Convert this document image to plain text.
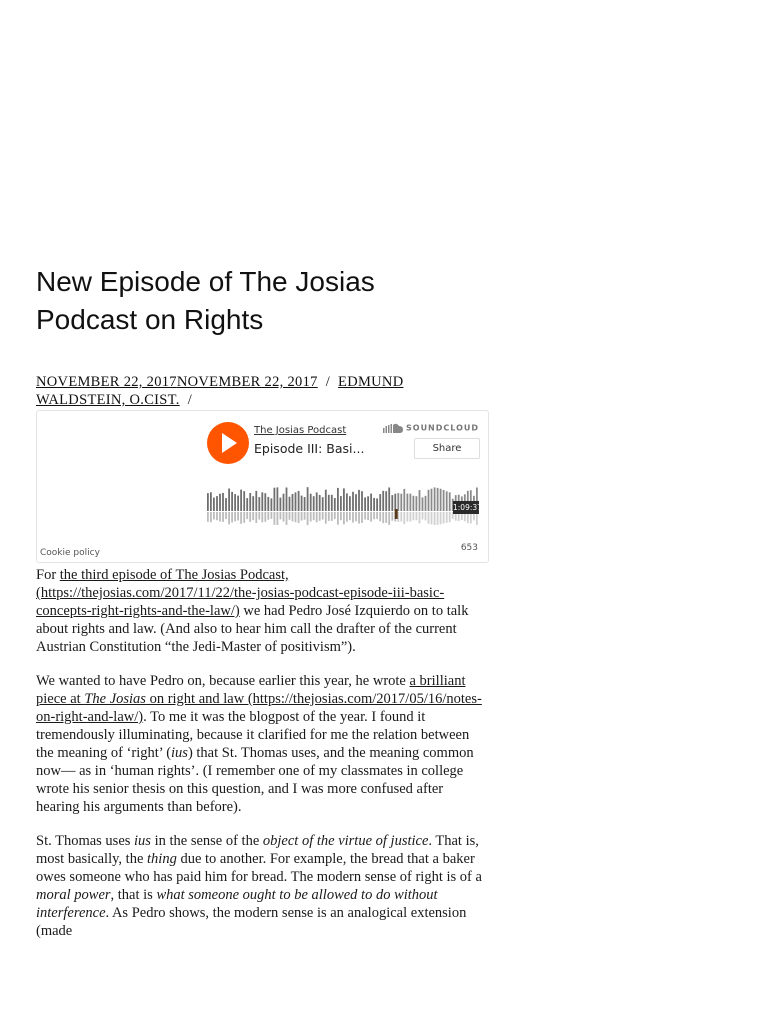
New Episode of The Josias Podcast on Rights
NOVEMBER 22, 2017NOVEMBER 22, 2017 / EDMUND WALDSTEIN, O.CIST. /
The Josias Podcast
Episode III: Basi...
SOUNDCLOUD
Share
1:09:37
Cookie policy	653

For the third episode of The Josias Podcast, (https://thejosias.com/2017/11/22/the-josias-podcast-episode-iii-basic-concepts-right-rights-and-the-law/) we had Pedro José Izquierdo on to talk about rights and law. (And also to hear him call the drafter of the current Austrian Constitution “the Jedi-Master of positivism”).

We wanted to have Pedro on, because earlier this year, he wrote a brilliant piece at The Josias on right and law (https://thejosias.com/2017/05/16/notes-on-right-and-law/). To me it was the blogpost of the year. I found it tremendously illuminating, because it clarified for me the relation between the meaning of ‘right’ (ius) that St. Thomas uses, and the meaning common now— as in ‘human rights’. (I remember one of my classmates in college wrote his senior thesis on this question, and I was more confused after hearing his arguments than before).

St. Thomas uses ius in the sense of the object of the virtue of justice. That is, most basically, the thing due to another. For example, the bread that a baker owes someone who has paid him for bread. The modern sense of right is of a moral power, that is what someone ought to be allowed to do without interference. As Pedro shows, the modern sense is an analogical extension (made
